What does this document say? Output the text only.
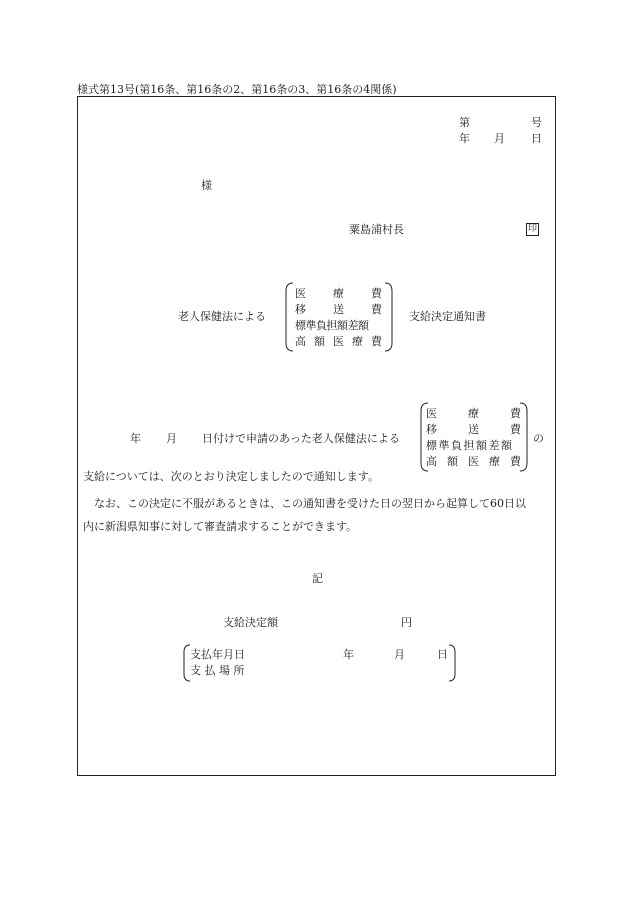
様式第13号(第16条、第16条の2、第16条の3、第16条の4関係)
第	号
年 月 日
様
粟島浦村長	印
老人保健法による
医 療 費
移 送 費
標準負担額差額
高 額 医 療 費
支給決定通知書
年 月 日付けで申請のあった老人保健法による
医	療	費
移	送	費
標準負担額差額
高 額 医 療 費
の
支給については、次のとおり決定しましたので通知します。
なお、この決定に不服があるときは、この通知書を受けた日の翌日から起算して60日以
内に新潟県知事に対して審査請求することができます。
記
支給決定額	円
支払年月日	年	月	日
支 払 場 所
